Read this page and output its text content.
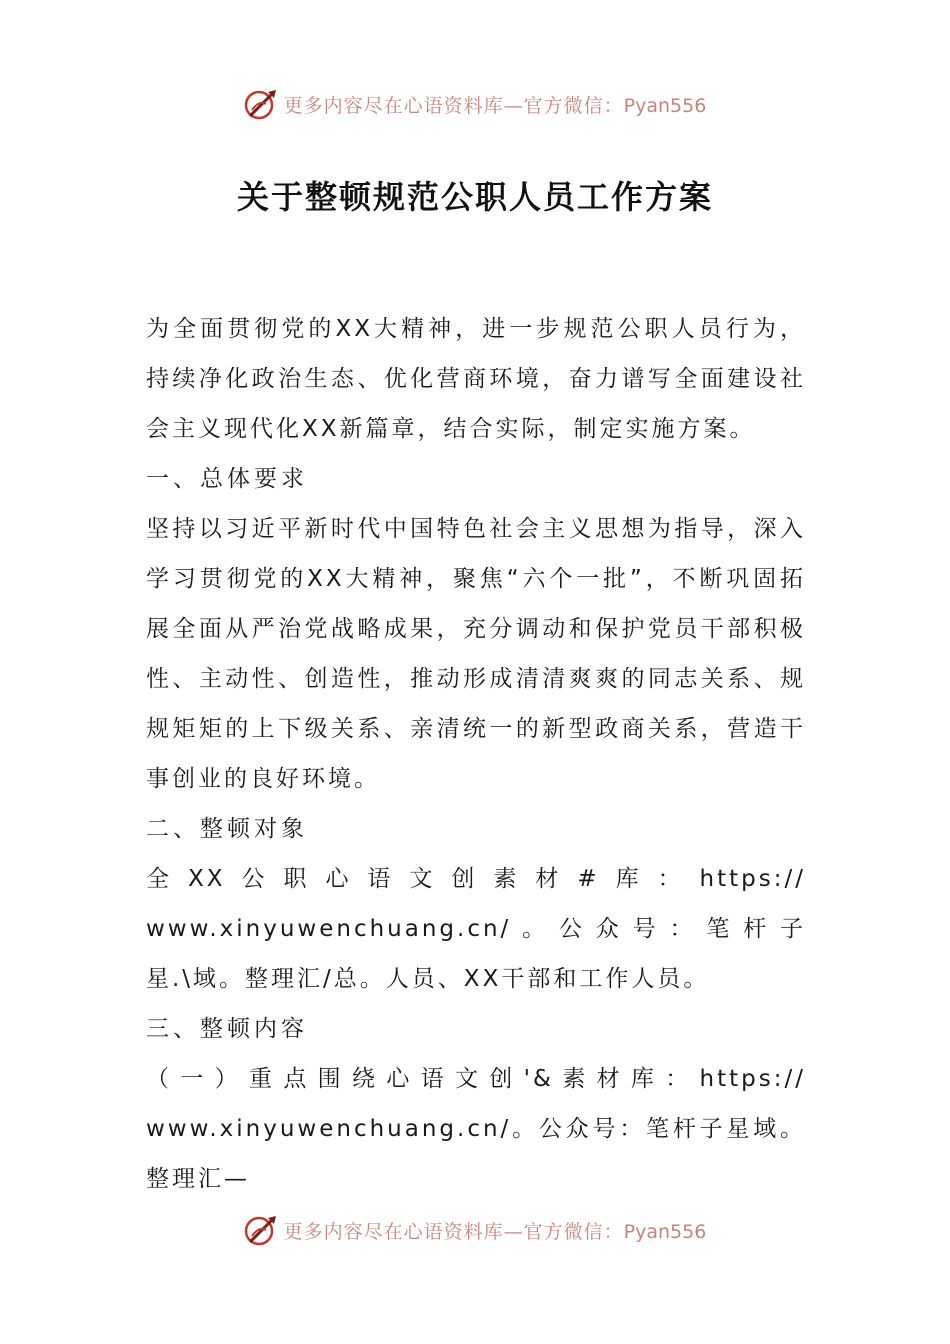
更多内容尽在心语资料库—官方微信：Pyan556
关于整顿规范公职人员工作方案

为全面贯彻党的XX大精神，进一步规范公职人员行为，持续净化政治生态、优化营商环境，奋力谱写全面建设社会主义现代化XX新篇章，结合实际，制定实施方案。

一、总体要求

坚持以习近平新时代中国特色社会主义思想为指导，深入学习贯彻党的XX大精神，聚焦“六个一批”，不断巩固拓展全面从严治党战略成果，充分调动和保护党员干部积极性、主动性、创造性，推动形成清清爽爽的同志关系、规规矩矩的上下级关系、亲清统一的新型政商关系，营造干事创业的良好环境。

二、整顿对象

全XX公职心语文创素材#库：https://

www.xinyuwenchuang.cn/。公众号：笔杆子星.\域。整理汇/总。人员、XX干部和工作人员。

三、整顿内容

（一）重点围绕心语文创'&素材库：https://

www.xinyuwenchuang.cn/。公众号：笔杆子星域。整理汇—

更多内容尽在心语资料库—官方微信：Pyan556
